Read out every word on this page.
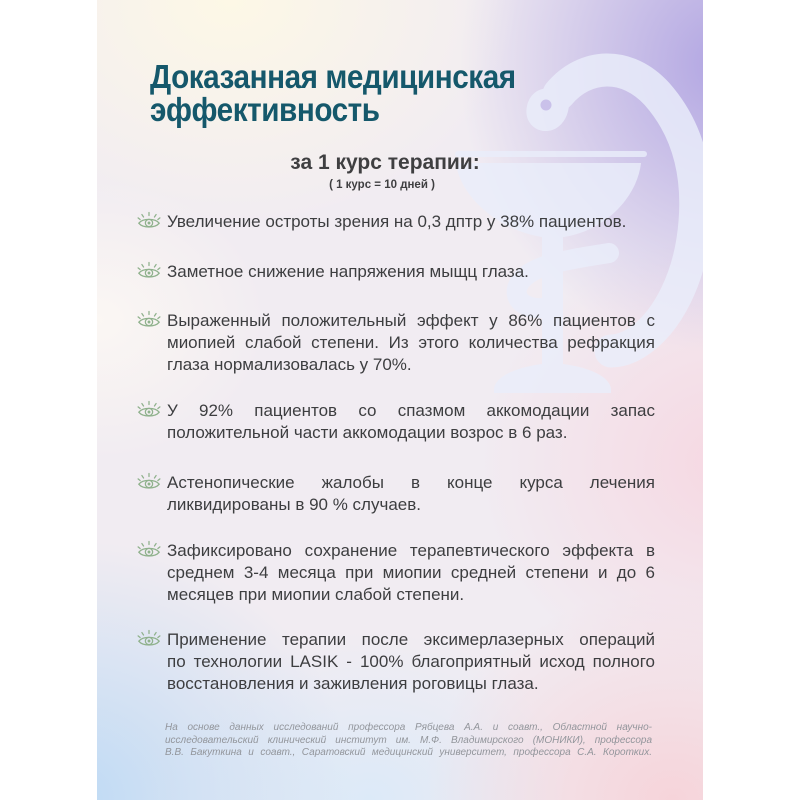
Доказанная медицинская
эффективность
за 1 курс терапии:
( 1 курс = 10 дней )
Увеличение остроты зрения на 0,3 дптр у 38% пациентов.
Заметное снижение напряжения мыщц глаза.
Выраженный положительный эффект у 86% пациентов с
миопией слабой степени. Из этого количества рефракция
глаза нормализовалась у 70%.
У 92% пациентов со спазмом аккомодации запас
положительной части аккомодации возрос в 6 раз.
Астенопические жалобы в конце курса лечения
ликвидированы в 90 % случаев.
Зафиксировано сохранение терапевтического эффекта в
среднем 3-4 месяца при миопии средней степени и до 6
месяцев при миопии слабой степени.
Применение терапии после эксимерлазерных операций
по технологии LASIK - 100% благоприятный исход полного
восстановления и заживления роговицы глаза.
На основе данных исследований профессора Рябцева А.А. и соавт., Областной научно-
исследовательский клинический институт им. М.Ф. Владимирского (МОНИКИ), профессора
В.В. Бакуткина и соавт., Саратовский медицинский университет, профессора С.А. Коротких.
